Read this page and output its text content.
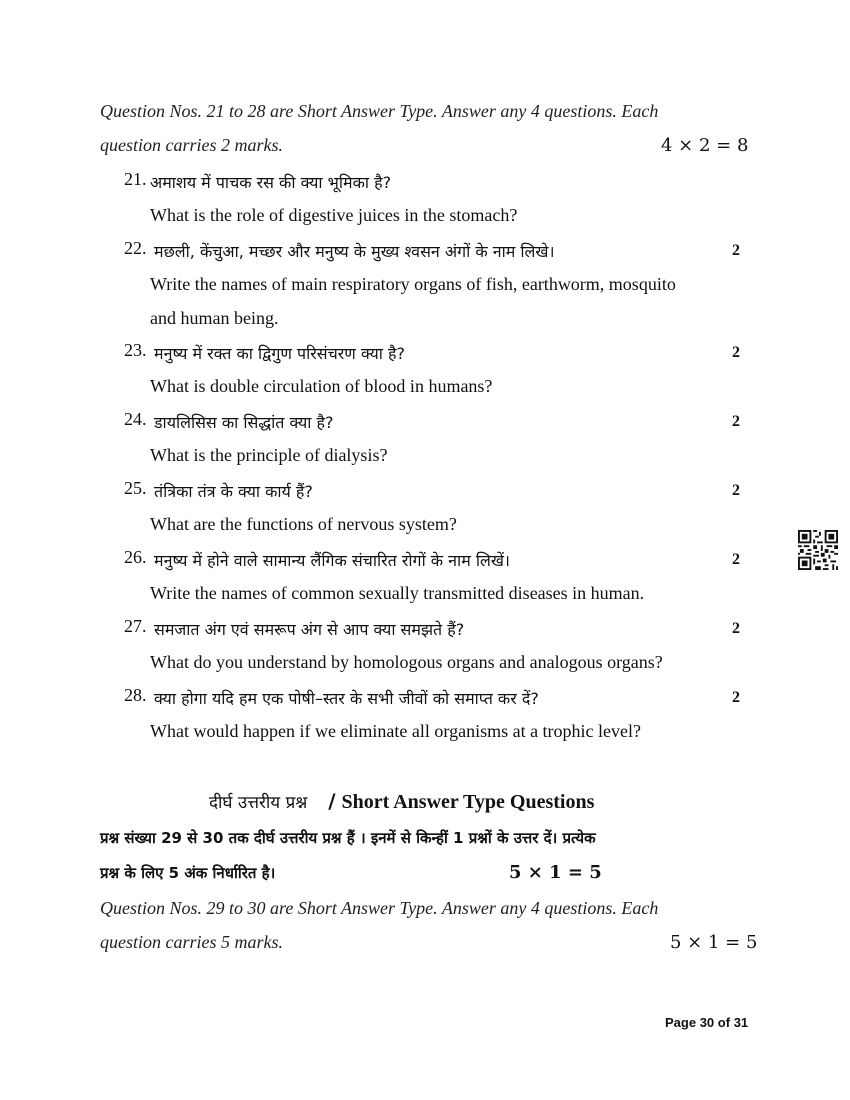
Question Nos. 21 to 28 are Short Answer Type. Answer any 4 questions. Each
question carries 2 marks.	4 × 2 = 8
21. अमाशय में पाचक रस की क्या भूमिका है?
What is the role of digestive juices in the stomach?
22. मछली, केंचुआ, मच्छर और मनुष्य के मुख्य श्वसन अंगों के नाम लिखे।	2
Write the names of main respiratory organs of fish, earthworm, mosquito
and human being.
23. मनुष्य में रक्त का द्विगुण परिसंचरण क्या है?	2
What is double circulation of blood in humans?
24. डायलिसिस का सिद्धांत क्या है?	2
What is the principle of dialysis?
25. तंत्रिका तंत्र के क्या कार्य हैं?	2
What are the functions of nervous system?
26. मनुष्य में होने वाले सामान्य लैंगिक संचारित रोगों के नाम लिखें।	2
Write the names of common sexually transmitted diseases in human.
27. समजात अंग एवं समरूप अंग से आप क्या समझते हैं?	2
What do you understand by homologous organs and analogous organs?
28. क्या होगा यदि हम एक पोषी–स्तर के सभी जीवों को समाप्त कर दें?	2
What would happen if we eliminate all organisms at a trophic level?
दीर्घ उत्तरीय प्रश्न / Short Answer Type Questions
प्रश्न संख्या 29 से 30 तक दीर्घ उत्तरीय प्रश्न हैं । इनमें से किन्हीं 1 प्रश्नों के उत्तर दें। प्रत्येक
प्रश्न के लिए 5 अंक निर्धारित है।	5 × 1 = 5
Question Nos. 29 to 30 are Short Answer Type. Answer any 4 questions. Each
question carries 5 marks.	5 × 1 = 5
Page 30 of 31
